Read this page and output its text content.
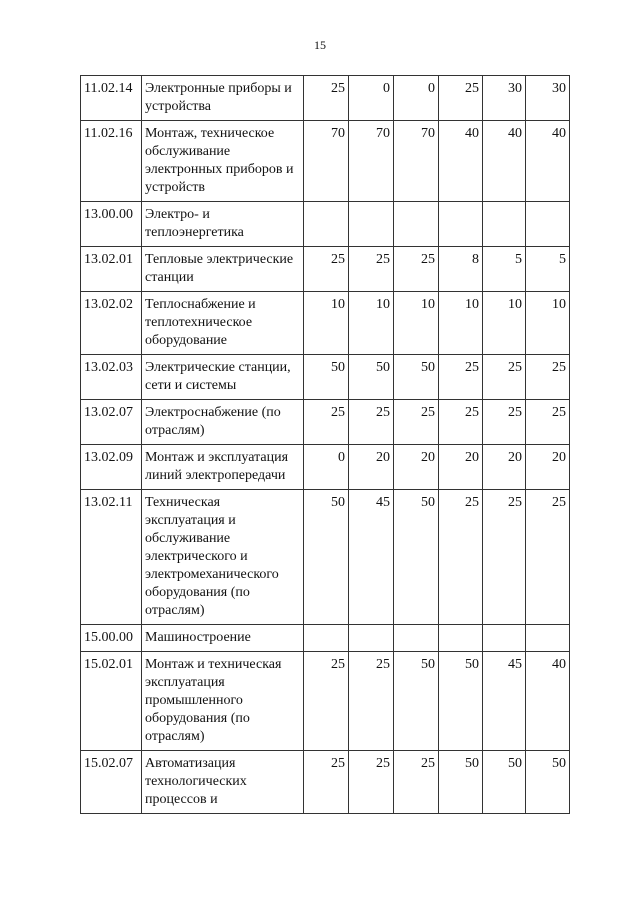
15
11.02.14	Электронные приборы и устройства	25	0	0	25	30	30
11.02.16	Монтаж, техническое обслуживание электронных приборов и устройств	70	70	70	40	40	40
13.00.00	Электро- и теплоэнергетика						
13.02.01	Тепловые электрические станции	25	25	25	8	5	5
13.02.02	Теплоснабжение и теплотехническое оборудование	10	10	10	10	10	10
13.02.03	Электрические станции, сети и системы	50	50	50	25	25	25
13.02.07	Электроснабжение (по отраслям)	25	25	25	25	25	25
13.02.09	Монтаж и эксплуатация линий электропередачи	0	20	20	20	20	20
13.02.11	Техническая эксплуатация и обслуживание электрического и электромеханического оборудования (по отраслям)	50	45	50	25	25	25
15.00.00	Машиностроение						
15.02.01	Монтаж и техническая эксплуатация промышленного оборудования (по отраслям)	25	25	50	50	45	40
15.02.07	Автоматизация технологических процессов и	25	25	25	50	50	50
